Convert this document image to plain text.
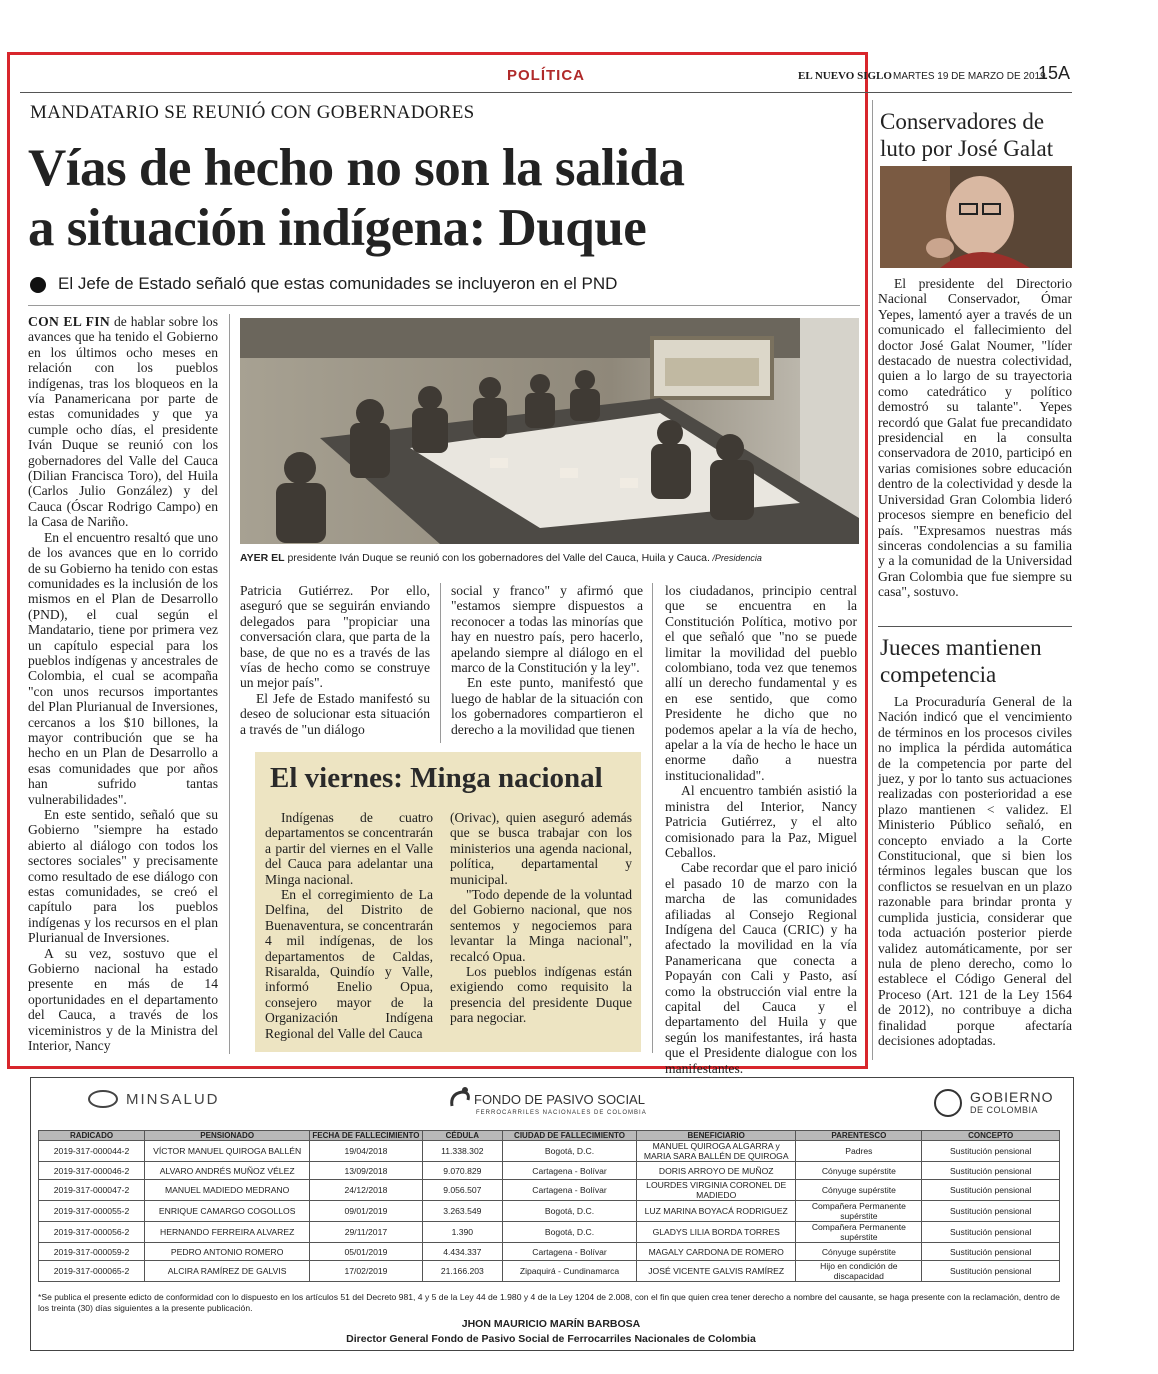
POLÍTICA	EL NUEVO SIGLO MARTES 19 DE MARZO DE 2019
15A
MANDATARIO SE REUNIÓ CON GOBERNADORES
Vías de hecho no son la salida
a situación indígena: Duque
El Jefe de Estado señaló que estas comunidades se incluyeron en el PND

CON EL FIN de hablar sobre los avances que ha tenido el Gobierno en los últimos ocho meses en relación con los pueblos indígenas, tras los bloqueos en la vía Panamericana por parte de estas comunidades y que ya cumple ocho días, el presidente Iván Duque se reunió con los gobernadores del Valle del Cauca (Dilian Francisca Toro), del Huila (Carlos Julio González) y del Cauca (Óscar Rodrigo Campo) en la Casa de Nariño.

En el encuentro resaltó que uno de los avances que en lo corrido de su Gobierno ha tenido con estas comunidades es la inclusión de los mismos en el Plan de Desarrollo (PND), el cual según el Mandatario, tiene por primera vez un capítulo especial para los pueblos indígenas y ancestrales de Colombia, el cual se acompaña "con unos recursos importantes del Plan Plurianual de Inversiones, cercanos a los $10 billones, la mayor contribución que se ha hecho en un Plan de Desarrollo a esas comunidades que por años han sufrido tantas vulnerabilidades".

En este sentido, señaló que su Gobierno "siempre ha estado abierto al diálogo con todos los sectores sociales" y precisamente como resultado de ese diálogo con estas comunidades, se creó el capítulo para los pueblos indígenas y los recursos en el plan Plurianual de Inversiones.

A su vez, sostuvo que el Gobierno nacional ha estado presente en más de 14 oportunidades en el departamento del Cauca, a través de los viceministros y de la Ministra del Interior, Nancy

AYER EL presidente Iván Duque se reunió con los gobernadores del Valle del Cauca, Huila y Cauca. /Presidencia

Patricia Gutiérrez. Por ello, aseguró que se seguirán enviando delegados para "propiciar una conversación clara, que parta de la base, de que no es a través de las vías de hecho como se construye un mejor país".

El Jefe de Estado manifestó su deseo de solucionar esta situación a través de "un diálogo

social y franco" y afirmó que "estamos siempre dispuestos a reconocer a todas las minorías que hay en nuestro país, pero hacerlo, apelando siempre al diálogo en el marco de la Constitución y la ley".

En este punto, manifestó que luego de hablar de la situación con los gobernadores compartieron el derecho a la movilidad que tienen

los ciudadanos, principio central que se encuentra en la Constitución Política, motivo por el que señaló que "no se puede limitar la movilidad del pueblo colombiano, toda vez que tenemos allí un derecho fundamental y es en ese sentido, que como Presidente he dicho que no podemos apelar a la vía de hecho, apelar a la vía de hecho le hace un enorme daño a nuestra institucionalidad".

Al encuentro también asistió la ministra del Interior, Nancy Patricia Gutiérrez, y el alto comisionado para la Paz, Miguel Ceballos.

Cabe recordar que el paro inició el pasado 10 de marzo con la marcha de las comunidades afiliadas al Consejo Regional Indígena del Cauca (CRIC) y ha afectado la movilidad en la vía Panamericana que conecta a Popayán con Cali y Pasto, así como la obstrucción vial entre la capital del Cauca y el departamento del Huila y que según los manifestantes, irá hasta que el Presidente dialogue con los manifestantes.

El viernes: Minga nacional

Indígenas de cuatro departamentos se concentrarán a partir del viernes en el Valle del Cauca para adelantar una Minga nacional.

En el corregimiento de La Delfina, del Distrito de Buenaventura, se concentrarán 4 mil indígenas, de los departamentos de Caldas, Risaralda, Quindío y Valle, informó Enelio Opua, consejero mayor de la Organización Indígena Regional del Valle del Cauca

(Orivac), quien aseguró además que se busca trabajar con los ministerios una agenda nacional, política, departamental y municipal.

"Todo depende de la voluntad del Gobierno nacional, que nos sentemos y negociemos para levantar la Minga nacional", recalcó Opua.

Los pueblos indígenas están exigiendo como requisito la presencia del presidente Duque para negociar.

Conservadores de luto por José Galat

El presidente del Directorio Nacional Conservador, Ómar Yepes, lamentó ayer a través de un comunicado el fallecimiento del doctor José Galat Noumer, "líder destacado de nuestra colectividad, quien a lo largo de su trayectoria como catedrático y político demostró su talante". Yepes recordó que Galat fue precandidato presidencial en la consulta conservadora de 2010, participó en varias comisiones sobre educación dentro de la colectividad y desde la Universidad Gran Colombia lideró procesos siempre en beneficio del país. "Expresamos nuestras más sinceras condolencias a su familia y a la comunidad de la Universidad Gran Colombia que fue siempre su casa", sostuvo.

Jueces mantienen competencia

La Procuraduría General de la Nación indicó que el vencimiento de términos en los procesos civiles no implica la pérdida automática de la competencia por parte del juez, y por lo tanto sus actuaciones realizadas con posterioridad a ese plazo mantienen ˂ validez. El Ministerio Público señaló, en concepto enviado a la Corte Constitucional, que si bien los términos legales buscan que los conflictos se resuelvan en un plazo razonable para brindar pronta y cumplida justicia, considerar que toda actuación posterior pierde validez automáticamente, por ser nula de pleno derecho, como lo establece el Código General del Proceso (Art. 121 de la Ley 1564 de 2012), no contribuye a dicha finalidad porque afectaría decisiones adoptadas.

MINSALUD	FONDO DE PASIVO SOCIAL
FERROCARRILES NACIONALES DE COLOMBIA
GOBIERNO
DE COLOMBIA
RADICADO	PENSIONADO	FECHA DE FALLECIMIENTO	CÉDULA	CIUDAD DE FALLECIMIENTO	BENEFICIARIO	PARENTESCO	CONCEPTO
2019-317-000044-2	VÍCTOR MANUEL QUIROGA BALLÉN	19/04/2018	11.338.302	Bogotá, D.C.	MANUEL QUIROGA ALGARRA y MARIA SARA BALLÉN DE QUIROGA	Padres	Sustitución pensional
2019-317-000046-2	ALVARO ANDRÉS MUÑOZ VÉLEZ	13/09/2018	9.070.829	Cartagena - Bolívar	DORIS ARROYO DE MUÑOZ	Cónyuge supérstite	Sustitución pensional
2019-317-000047-2	MANUEL MADIEDO MEDRANO	24/12/2018	9.056.507	Cartagena - Bolívar	LOURDES VIRGINIA CORONEL DE MADIEDO	Cónyuge supérstite	Sustitución pensional
2019-317-000055-2	ENRIQUE CAMARGO COGOLLOS	09/01/2019	3.263.549	Bogotá, D.C.	LUZ MARINA BOYACÁ RODRIGUEZ	Compañera Permanente supérstite	Sustitución pensional
2019-317-000056-2	HERNANDO FERREIRA ALVAREZ	29/11/2017	1.390	Bogotá, D.C.	GLADYS LILIA BORDA TORRES	Compañera Permanente supérstite	Sustitución pensional
2019-317-000059-2	PEDRO ANTONIO ROMERO	05/01/2019	4.434.337	Cartagena - Bolívar	MAGALY CARDONA DE ROMERO	Cónyuge supérstite	Sustitución pensional
2019-317-000065-2	ALCIRA RAMÍREZ DE GALVIS	17/02/2019	21.166.203	Zipaquirá - Cundinamarca	JOSÉ VICENTE GALVIS RAMÍREZ	Hijo en condición de discapacidad	Sustitución pensional
*Se publica el presente edicto de conformidad con lo dispuesto en los artículos 51 del Decreto 981, 4 y 5 de la Ley 44 de 1.980 y 4 de la Ley 1204 de 2.008, con el fin que quien crea tener derecho a nombre del causante, se haga presente con la reclamación, dentro de los treinta (30) días siguientes a la presente publicación.
JHON MAURICIO MARÍN BARBOSA
Director General Fondo de Pasivo Social de Ferrocarriles Nacionales de Colombia
